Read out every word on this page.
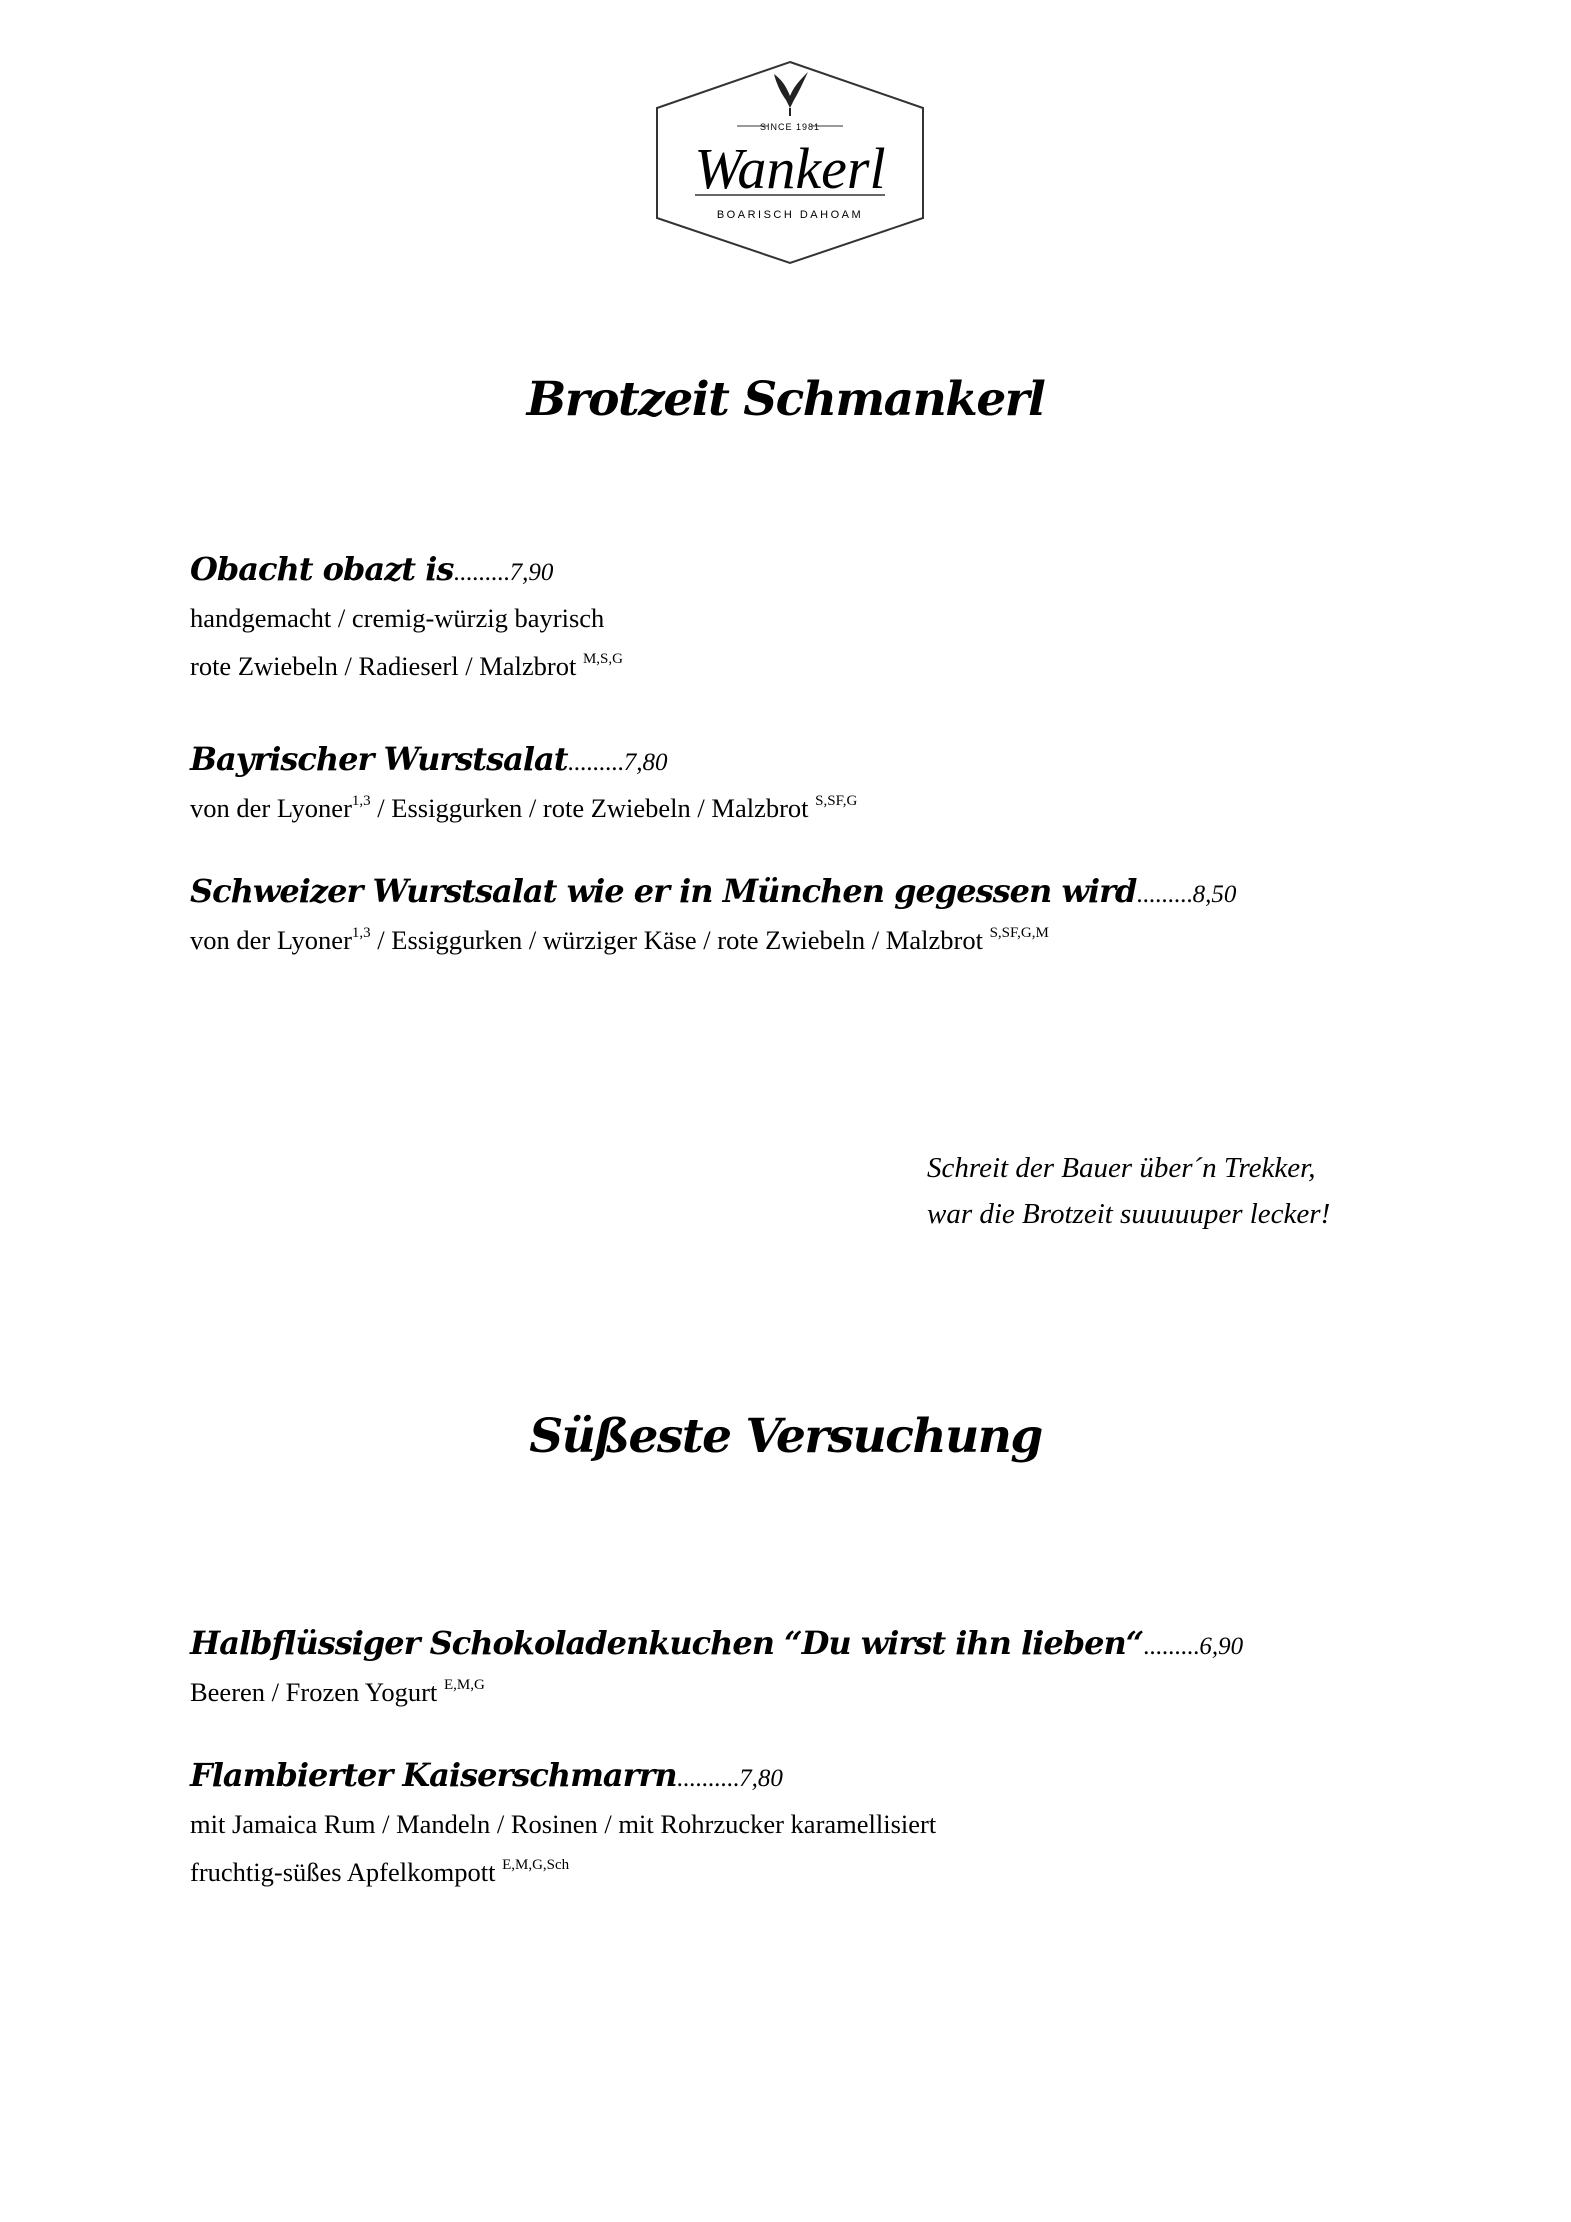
SINCE 1981
Wankerl
BOARISCH DAHOAM
Brotzeit Schmankerl
Obacht obazt is.........7,90
handgemacht / cremig-würzig bayrisch
rote Zwiebeln / Radieserl / Malzbrot $^{M,S,G}$
Bayrischer Wurstsalat.........7,80
von der Lyoner$^{1,3}$ / Essiggurken / rote Zwiebeln / Malzbrot $^{S,SF,G}$
Schweizer Wurstsalat wie er in München gegessen wird.........8,50
von der Lyoner$^{1,3}$ / Essiggurken / würziger Käse / rote Zwiebeln / Malzbrot $^{S,SF,G,M}$
Schreit der Bauer über´n Trekker,
war die Brotzeit suuuuuper lecker!
Süßeste Versuchung
Halbflüssiger Schokoladenkuchen “Du wirst ihn lieben“.........6,90
Beeren / Frozen Yogurt $^{E,M,G}$
Flambierter Kaiserschmarrn..........7,80
mit Jamaica Rum / Mandeln / Rosinen / mit Rohrzucker karamellisiert
fruchtig-süßes Apfelkompott $^{E,M,G,Sch}$
